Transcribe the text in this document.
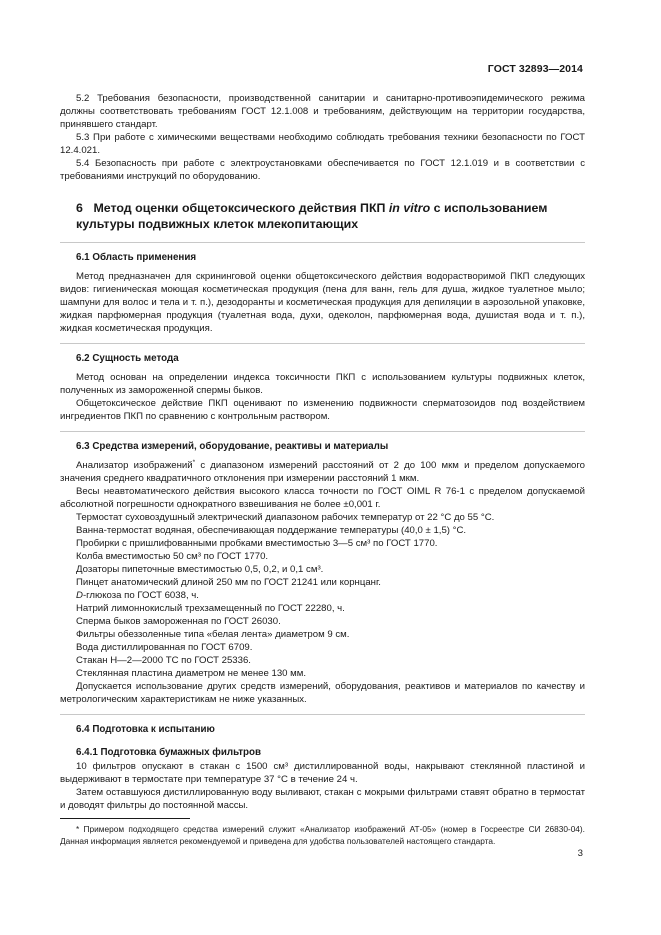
ГОСТ 32893—2014

5.2 Требования безопасности, производственной санитарии и санитарно-противоэпидемического режима должны соответствовать требованиям ГОСТ 12.1.008 и требованиям, действующим на территории государства, принявшего стандарт.

5.3 При работе с химическими веществами необходимо соблюдать требования техники безопасности по ГОСТ 12.4.021.

5.4 Безопасность при работе с электроустановками обеспечивается по ГОСТ 12.1.019 и в соответствии с требованиями инструкций по оборудованию.

6 Метод оценки общетоксического действия ПКП in vitro с использованием культуры подвижных клеток млекопитающих
6.1 Область применения

Метод предназначен для скрининговой оценки общетоксического действия водорастворимой ПКП следующих видов: гигиеническая моющая косметическая продукция (пена для ванн, гель для душа, жидкое туалетное мыло; шампуни для волос и тела и т. п.), дезодоранты и косметическая продукция для депиляции в аэрозольной упаковке, жидкая парфюмерная продукция (туалетная вода, духи, одеколон, парфюмерная вода, душистая вода и т. п.), жидкая косметическая продукция.

6.2 Сущность метода

Метод основан на определении индекса токсичности ПКП с использованием культуры подвижных клеток, полученных из замороженной спермы быков.

Общетоксическое действие ПКП оценивают по изменению подвижности сперматозоидов под воздействием ингредиентов ПКП по сравнению с контрольным раствором.

6.3 Средства измерений, оборудование, реактивы и материалы

Анализатор изображений* с диапазоном измерений расстояний от 2 до 100 мкм и пределом допускаемого значения среднего квадратичного отклонения при измерении расстояний 1 мкм.

Весы неавтоматического действия высокого класса точности по ГОСТ OIML R 76-1 с пределом допускаемой абсолютной погрешности однократного взвешивания не более ±0,001 г.

Термостат суховоздушный электрический диапазоном рабочих температур от 22 °С до 55 °С.

Ванна-термостат водяная, обеспечивающая поддержание температуры (40,0 ± 1,5) °С.

Пробирки с пришлифованными пробками вместимостью 3—5 см³ по ГОСТ 1770.

Колба вместимостью 50 см³ по ГОСТ 1770.

Дозаторы пипеточные вместимостью 0,5, 0,2, и 0,1 см³.

Пинцет анатомический длиной 250 мм по ГОСТ 21241 или корнцанг.

D-глюкоза по ГОСТ 6038, ч.

Натрий лимоннокислый трехзамещенный по ГОСТ 22280, ч.

Сперма быков замороженная по ГОСТ 26030.

Фильтры обеззоленные типа «белая лента» диаметром 9 см.

Вода дистиллированная по ГОСТ 6709.

Стакан Н—2—2000 ТС по ГОСТ 25336.

Стеклянная пластина диаметром не менее 130 мм.

Допускается использование других средств измерений, оборудования, реактивов и материалов по качеству и метрологическим характеристикам не ниже указанных.

6.4 Подготовка к испытанию
6.4.1 Подготовка бумажных фильтров

10 фильтров опускают в стакан с 1500 см³ дистиллированной воды, накрывают стеклянной пластиной и выдерживают в термостате при температуре 37 °С в течение 24 ч.

Затем оставшуюся дистиллированную воду выливают, стакан с мокрыми фильтрами ставят обратно в термостат и доводят фильтры до постоянной массы.

* Примером подходящего средства измерений служит «Анализатор изображений АТ-05» (номер в Госреестре СИ 26830-04). Данная информация является рекомендуемой и приведена для удобства пользователей настоящего стандарта.

3
